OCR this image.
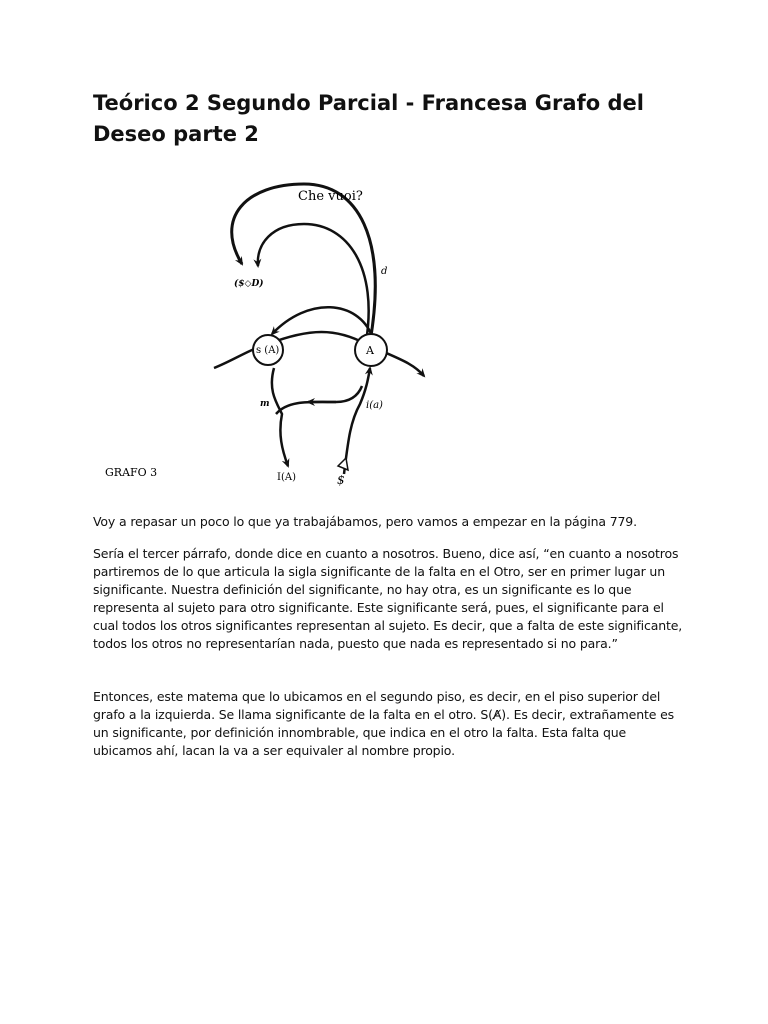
Teórico 2 Segundo Parcial - Francesa Grafo del Deseo parte 2
Che vuoi?
($◇D)
d
s (A)	A
m	i(a)
I(A)	$
GRAFO 3

Voy a repasar un poco lo que ya trabajábamos, pero vamos a empezar en la página 779.

Sería el tercer párrafo, donde dice en cuanto a nosotros. Bueno, dice así, “en cuanto a nosotros partiremos de lo que articula la sigla significante de la falta en el Otro, ser en primer lugar un significante. Nuestra definición del significante, no hay otra, es un significante es lo que representa al sujeto para otro significante. Este significante será, pues, el significante para el cual todos los otros significantes representan al sujeto. Es decir, que a falta de este significante, todos los otros no representarían nada, puesto que nada es representado si no para.”

Entonces, este matema que lo ubicamos en el segundo piso, es decir, en el piso superior del grafo a la izquierda. Se llama significante de la falta en el otro. S(A̸). Es decir, extrañamente es un significante, por definición innombrable, que indica en el otro la falta. Esta falta que ubicamos ahí, lacan la va a ser equivaler al nombre propio.
